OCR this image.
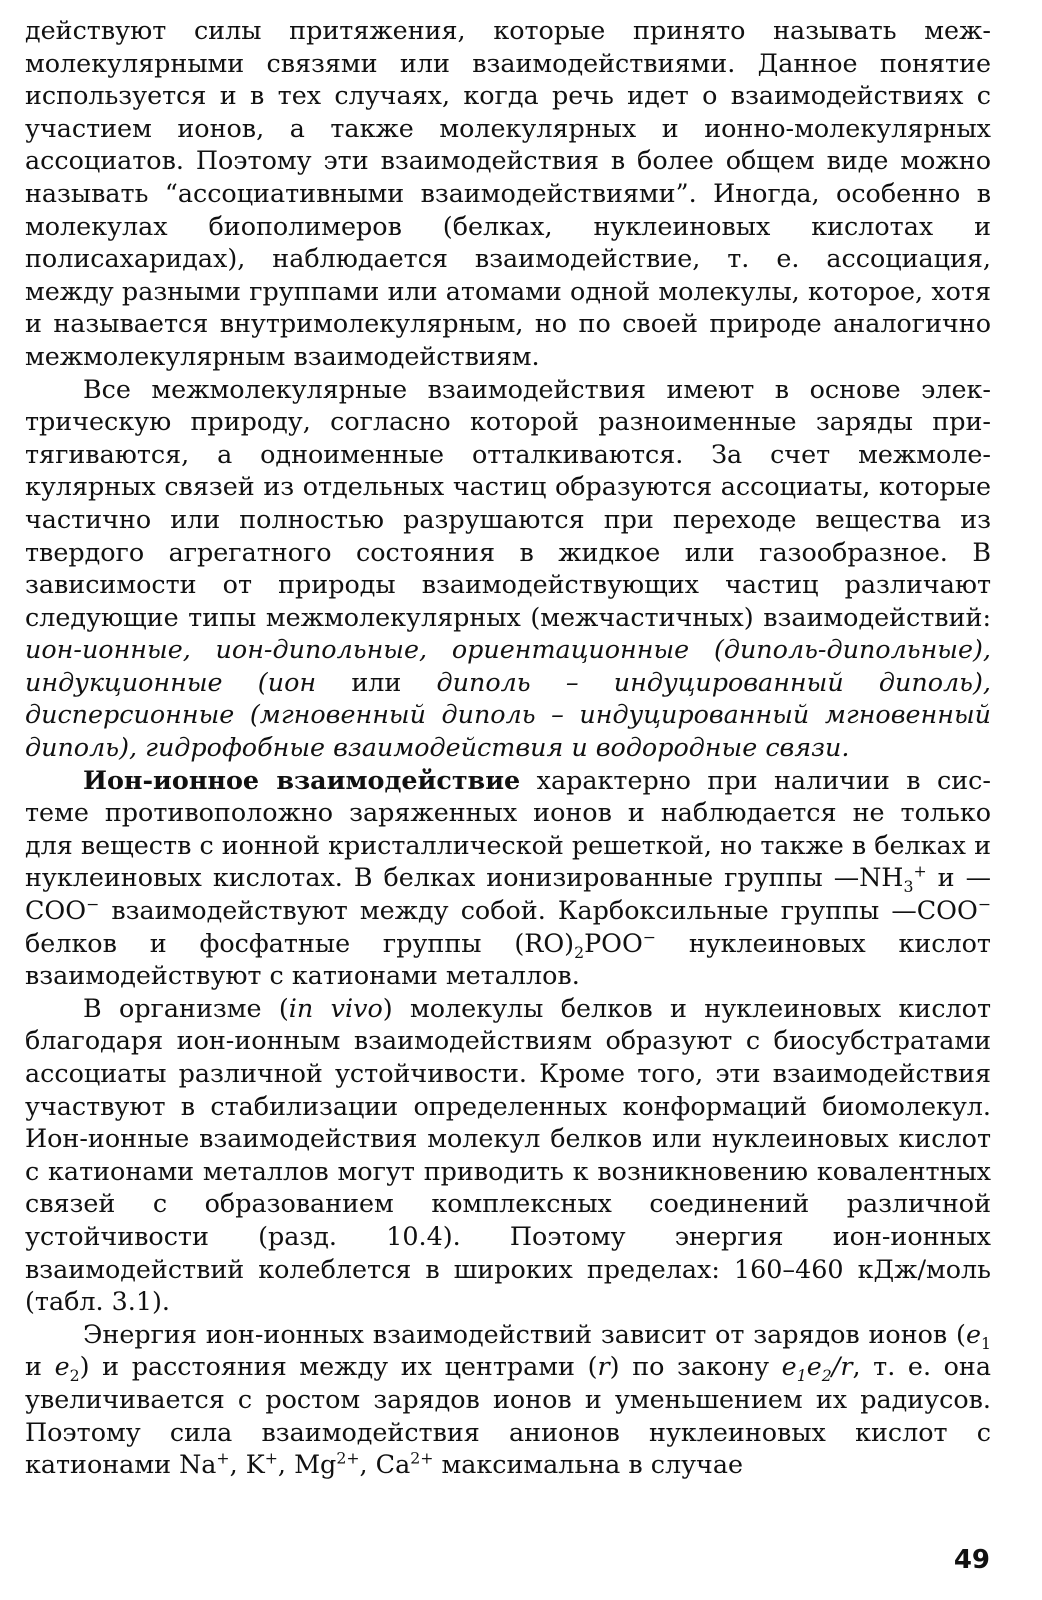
действуют силы притяжения, которые принято называть межмолекулярными связями или взаимодействиями. Данное понятие используется и в тех случаях, когда речь идет о взаимодействиях с участием ионов, а также молекулярных и ионно-молекулярных ассоциатов. Поэтому эти взаимодействия в более общем виде можно называть “ассоциативными взаимодействиями”. Иногда, особенно в молекулах биополимеров (белках, нуклеиновых кислотах и полисахаридах), наблюдается взаимодействие, т. е. ассоциация, между разными группами или атомами одной молекулы, которое, хотя и называется внутримолекулярным, но по своей природе аналогично межмолекулярным взаимодействиям.

Все межмолекулярные взаимодействия имеют в основе электрическую природу, согласно которой разноименные заряды притягиваются, а одноименные отталкиваются. За счет межмолекулярных связей из отдельных частиц образуются ассоциаты, которые частично или полностью разрушаются при переходе вещества из твердого агрегатного состояния в жидкое или газообразное. В зависимости от природы взаимодействующих частиц различают следующие типы межмолекулярных (межчастичных) взаимодействий: ион-ионные, ион-дипольные, ориентационные (диполь-дипольные), индукционные (ион или диполь – индуцированный диполь), дисперсионные (мгновенный диполь – индуцированный мгновенный диполь), гидрофобные взаимодействия и водородные связи.

Ион-ионное взаимодействие характерно при наличии в системе противоположно заряженных ионов и наблюдается не только для веществ с ионной кристаллической решеткой, но также в белках и нуклеиновых кислотах. В белках ионизированные группы $—NH_3^+$ и —COO− взаимодействуют между собой. Карбоксильные группы —COO− белков и фосфатные группы $(RO)_2POO^-$ нуклеиновых кислот взаимодействуют с катионами металлов.

В организме (in vivo) молекулы белков и нуклеиновых кислот благодаря ион-ионным взаимодействиям образуют с биосубстратами ассоциаты различной устойчивости. Кроме того, эти взаимодействия участвуют в стабилизации определенных конформаций биомолекул. Ион-ионные взаимодействия молекул белков или нуклеиновых кислот с катионами металлов могут приводить к возникновению ковалентных связей с образованием комплексных соединений различной устойчивости (разд. 10.4). Поэтому энергия ион-ионных взаимодействий колеблется в широких пределах: 160–460 кДж/моль (табл. 3.1).

Энергия ион-ионных взаимодействий зависит от зарядов ионов ($e_1$ и $e_2$) и расстояния между их центрами (r) по закону $e_1e_2/r$, т. е. она увеличивается с ростом зарядов ионов и уменьшением их радиусов. Поэтому сила взаимодействия анионов нуклеиновых кислот с катионами Na+, K+, $Mg^{2+}$, $Ca^{2+}$ максимальна в случае

49
